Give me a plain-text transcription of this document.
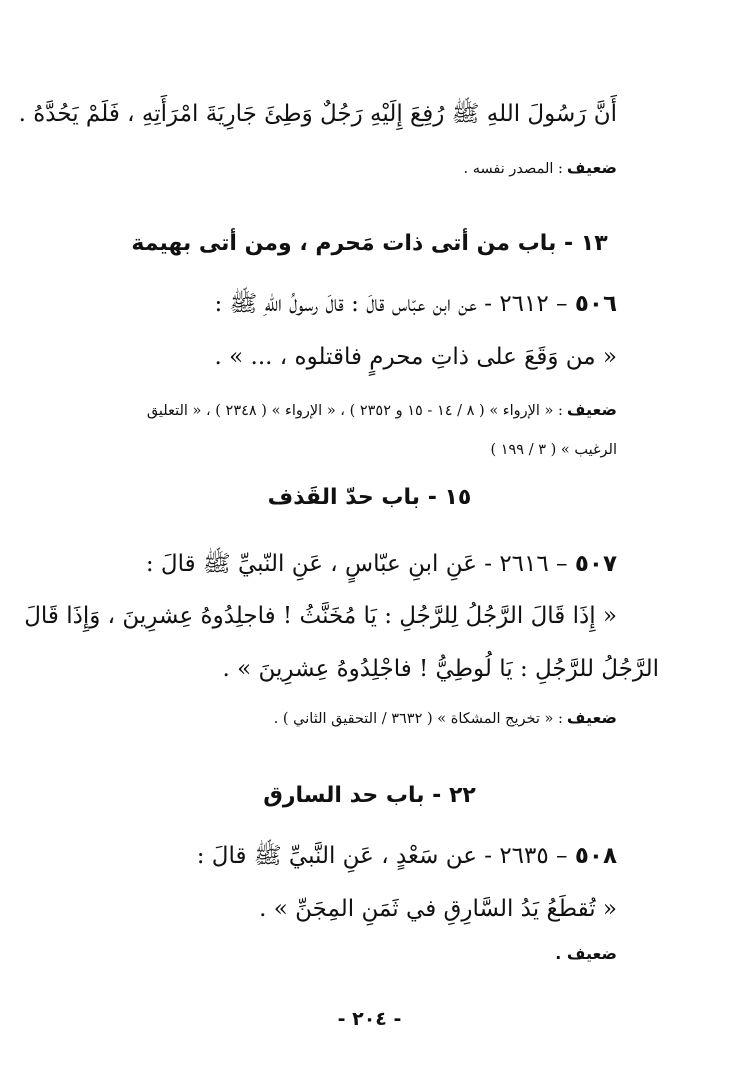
أَنَّ رَسُولَ اللهِ ﷺ رُفِعَ إِلَيْهِ رَجُلٌ وَطِئَ جَارِيَةَ امْرَأَتِهِ ، فَلَمْ يَحُدَّهُ .

ضعيف: المصدر نفسه .

١٣ - باب من أتى ذات مَحرم ، ومن أتى بهيمة

٥٠٦ – ٢٦١٢ - عن ابن عبّاس قالَ : قالَ رسولُ اللهِ ﷺ :

« من وَقَعَ على ذاتِ محرمٍ فاقتلوه ، ... » .

ضعيف: « الإرواء » ( ٨ / ١٤ - ١٥ و ٢٣٥٢ ) ، « الإرواء » ( ٢٣٤٨ ) ، « التعليق

الرغيب » ( ٣ / ١٩٩ )

١٥ - باب حدّ القَذف

٥٠٧ – ٢٦١٦ - عَنِ ابنِ عبّاسٍ ، عَنِ النّبيِّ ﷺ قالَ :

« إِذَا قَالَ الرَّجُلُ لِلرَّجُلِ : يَا مُخَنَّثُ ! فاجلِدُوهُ عِشرِينَ ، وَإِذَا قَالَ

الرَّجُلُ للرَّجُلِ : يَا لُوطِيُّ ! فاجْلِدُوهُ عِشرِينَ » .

ضعيف: « تخريج المشكاة » ( ٣٦٣٢ / التحقيق الثاني ) .

٢٢ - باب حد السارق

٥٠٨ – ٢٦٣٥ - عن سَعْدٍ ، عَنِ النَّبيِّ ﷺ قالَ :

« تُقطَعُ يَدُ السَّارِقِ في ثَمَنِ المِجَنِّ » .

ضعيف .

- ٢٠٤ -
